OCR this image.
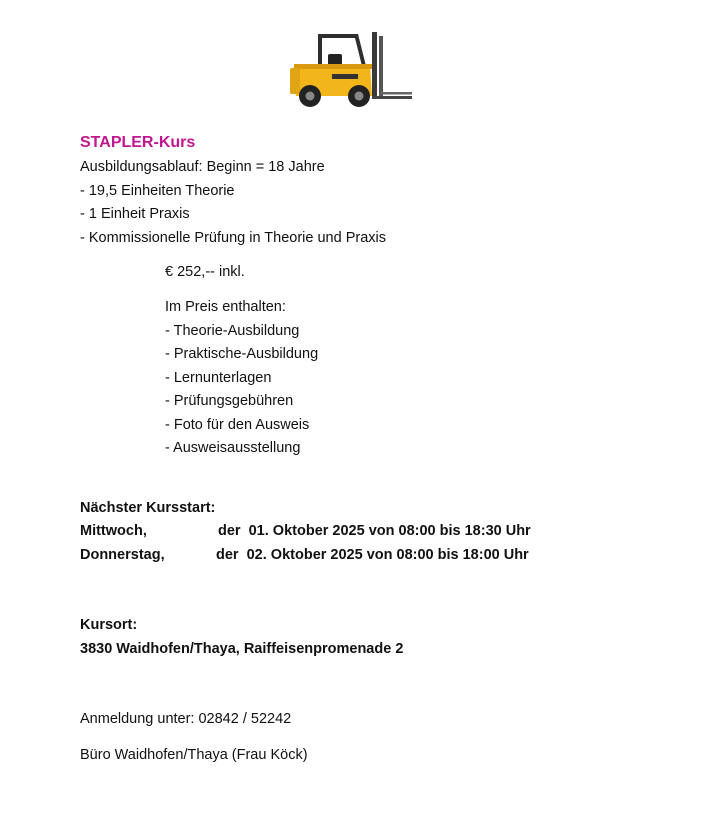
STAPLER-Kurs
Ausbildungsablauf: Beginn = 18 Jahre
- 19,5 Einheiten Theorie
- 1 Einheit Praxis
- Kommissionelle Prüfung in Theorie und Praxis
€ 252,-- inkl.
Im Preis enthalten:
- Theorie-Ausbildung
- Praktische-Ausbildung
- Lernunterlagen
- Prüfungsgebühren
- Foto für den Ausweis
- Ausweisausstellung
Nächster Kursstart:
Mittwoch,	der  01. Oktober 2025 von 08:00 bis 18:30 Uhr
Donnerstag,	der  02. Oktober 2025 von 08:00 bis 18:00 Uhr
Kursort:
3830 Waidhofen/Thaya, Raiffeisenpromenade 2
Anmeldung unter: 02842 / 52242
Büro Waidhofen/Thaya (Frau Köck)
